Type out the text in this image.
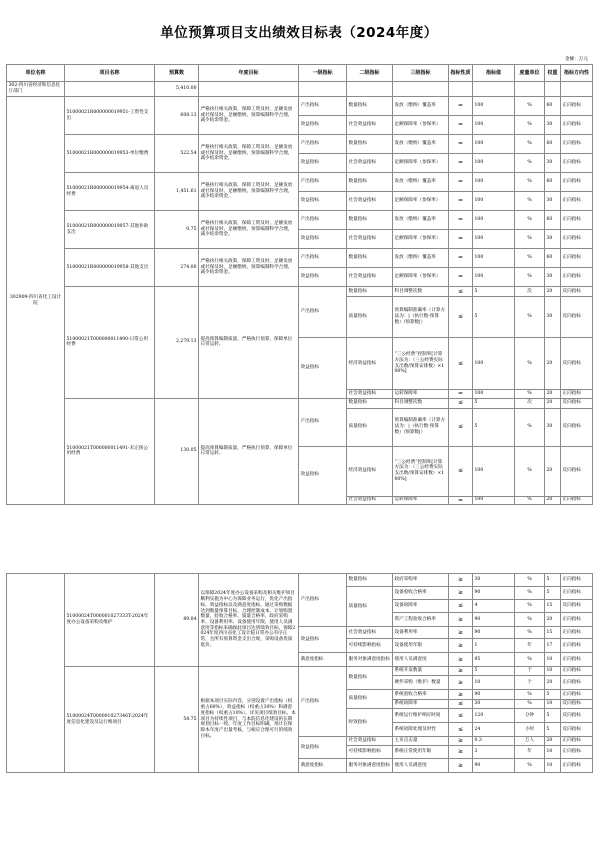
单位预算项目支出绩效目标表（2024年度）
金额：万元
单位名称	项目名称	预算数	年度目标	一级指标	二级指标	三级指标	指标性质	指标值	度量单位	权重	指标方向性
302-四川省经济和信息化厅部门		5,410.00									
302909-四川省化工设计院	51000021R000000019951-工资性支出	608.13	严格执行相关政策，保障工资及时、足额发放或社保及时、足额缴纳，预算编制科学合理，减少结余资金。	产出指标	数量指标	发放（缴纳）覆盖率	=	100	%	60	正向指标
				效益指标	社会效益指标	足额保障率（参保率）	=	100	%	30	正向指标
	51000021R000000019953-单位缴费	522.54	严格执行相关政策，保障工资及时、足额发放或社保及时、足额缴纳，预算编制科学合理，减少结余资金。	产出指标	数量指标	发放（缴纳）覆盖率	=	100	%	60	正向指标
				效益指标	社会效益指标	足额保障率（参保率）	=	100	%	30	正向指标
	51000021R000000019954-离退人员经费	1,451.61	严格执行相关政策，保障工资及时、足额发放或社保及时、足额缴纳，预算编制科学合理，减少结余资金。	产出指标	数量指标	发放（缴纳）覆盖率	=	100	%	60	正向指标
				效益指标	社会效益指标	足额保障率（参保率）	=	100	%	30	正向指标
	51000021R000000019957-其他补助支出	0.75	严格执行相关政策，保障工资及时、足额发放或社保及时、足额缴纳，预算编制科学合理，减少结余资金。	产出指标	数量指标	发放（缴纳）覆盖率	=	100	%	60	正向指标
				效益指标	社会效益指标	足额保障率（参保率）	=	100	%	30	正向指标
	51000021R000000019958-其他支出	274.00	严格执行相关政策，保障工资及时、足额发放或社保及时、足额缴纳，预算编制科学合理，减少结余资金。	产出指标	数量指标	发放（缴纳）覆盖率	=	100	%	60	正向指标
				效益指标	社会效益指标	足额保障率（参保率）	=	100	%	30	正向指标
	51000021T000000011490-日常公用经费	2,279.13	提高预算编制质量，严格执行预算，保障单位日常运转。	产出指标	数量指标	科目调整次数	≤	5	次	20	反向指标
					质量指标	预算编制准确率（计算方法为：|（执行数-预算数）/预算数|）	≤	5	%	30	反向指标
				效益指标	经济效益指标	“三公经费”控制率[计算方法为：（三公经费实际支出数/预算安排数）×100%]	≤	100	%	20	反向指标
					社会效益指标	运转保障率	=	100	%	20	正向指标

	51000021T000000011491-未完预公用经费	130.05	提高预算编制质量，严格执行预算，保障单位日常运转。	产出指标	数量指标	科目调整次数	≤	5	次	20	反向指标
					质量指标	预算编制准确率（计算方法为：|（执行数-预算数）/预算数|）	≤	5	%	30	反向指标
				效益指标	经济效益指标	“三公经费”控制率[计算方法为：（三公经费实际支出数/预算安排数）×100%]	≤	100	%	20	反向指标
					社会效益指标	运转保障率	=	100	%	20	正向指标
	51000024T000001027333T-2024年度办公设备采购及维护	89.04	以保障2024年度办公设备采购及相关维护项目顺利实施为中心为保障业务运行，优化产出指标，效益指标以及满意度指标。通过采购数据达到数量预算目标，合理控制成本，计划购置数量，验收合格率、质量合格率，政府采购率、设备利用率、设备使用年限，使用人员满意度等指标来确保此项目达到绩效目标，保障2024年度四川省化工设计院日常办公有序正常，且所有预算资金支出合规，采购设备优质低价。	产出指标	数量指标	政府采购率	≥	30	%	5	正向指标
					质量指标	设备验收合格率	≥	90	%	5	正向指标
						设备故障率	≤	4	%	15	反向指标
						资产工程验收合格率	≥	90	%	20	正向指标
				效益指标	社会效益指标	设备利用率	≥	90	%	15	正向指标
					可持续影响指标	设备使用年限	≥	1	年	17	正向指标
				满意度指标	服务对象满意度指标	使用人员满意度	≥	95	%	10	正向指标
	51000024T000001027346T-2024年度信息化建设及运行维项目	54.75	根据本项目实际内容，分别设置产出指标（权重占60%），效益指标（权重占30%）和满意度指标（权重占10%）。详见项目绩效目标。本项目为持续性项目，与本院信息化建设的长期规划目标一致。年度工作目标明确，预计在保障本年度产出量考核，与相应合理可行的绩效目标。	产出指标	数量指标	系统开发数量	≥	5	个	10	正向指标
						硬件采购（维护）数量	≥	10	个	20	正向指标
					质量指标	系统验收合格率	≥	90	%	5	正向指标
						系统故障率	≤	30	%	10	反向指标
					时效指标	系统运行维护响应时间	≤	120	分钟	5	反向指标
						系统故障处理及时性	≤	24	小时	5	反向指标
				效益指标	社会效益指标	主页点击量	≥	0.3	万人	20	正向指标
					可持续影响指标	系统正常使用年限	≥	3	年	10	正向指标
				满意度指标	服务对象满意度指标	使用人员满意度	≥	90	%	10	正向指标
